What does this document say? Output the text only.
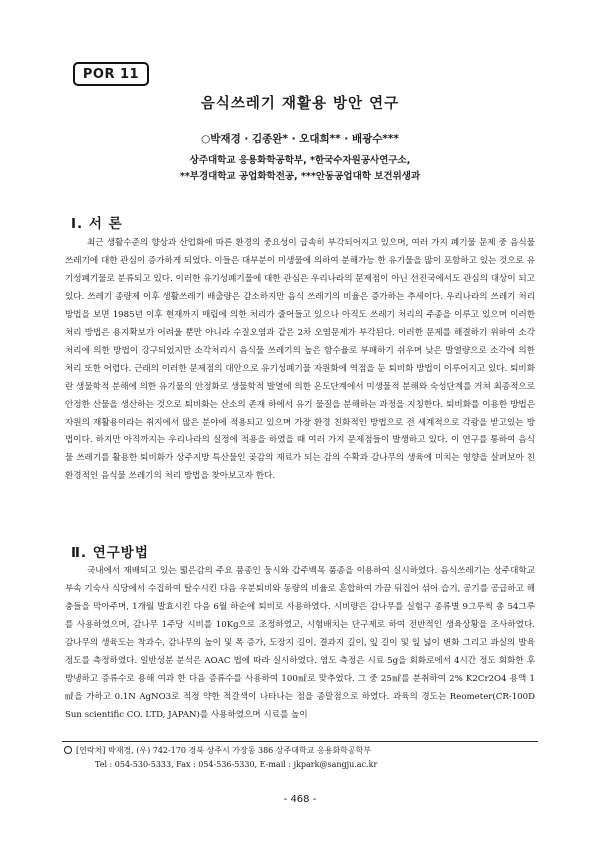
POR 11
음식쓰레기 재활용 방안 연구
○박재경 · 김종완* · 오대희** · 배광수***
상주대학교 응용화학공학부, *한국수자원공사연구소,
**부경대학교 공업화학전공, ***안동공업대학 보건위생과
Ⅰ. 서 론
최근 생활수준의 향상과 산업화에 따른 환경의 중요성이 급속히 부각되어지고 있으며, 여러 가지 폐기물 문제 중 음식물쓰레기에 대한 관심이 증가하게 되었다. 이들은 대부분이 미생물에 의하여 분해가능 한 유기물을 많이 포함하고 있는 것으로 유기성폐기물로 분류되고 있다. 이러한 유기성폐기물에 대한 관심은 우리나라의 문제점이 아닌 선진국에서도 관심의 대상이 되고 있다. 쓰레기 종량제 이후 생활쓰레기 배출량은 감소하지만 음식 쓰레기의 비율은 증가하는 추세이다. 우리나라의 쓰레기 처리 방법을 보면 1985년 이후 현재까지 매립에 의한 처리가 줄어들고 있으나 아직도 쓰레기 처리의 주종을 이루고 있으며 이러한 처리 방법은 용지확보가 어려울 뿐만 아니라 수질오염과 같은 2차 오염문제가 부각된다. 이러한 문제를 해결하기 위하여 소각처리에 의한 방법이 강구되었지만 소각처리시 음식물 쓰레기의 높은 함수율로 부패하기 쉬우며 낮은 발열량으로 소각에 의한 처리 또한 어렵다. 근래의 이러한 문제점의 대안으로 유기성폐기물 자원화에 역점을 둔 퇴비화 방법이 이루어지고 있다. 퇴비화란 생물학적 분해에 의한 유기물의 안정화로 생물학적 발열에 의한 온도단계에서 미생물적 분해와 숙성단계를 거쳐 최종적으로 안정한 산물을 생산하는 것으로 퇴비화는 산소의 존재 하에서 유기 물질을 분해하는 과정을 지칭한다. 퇴비화를 이용한 방법은 자원의 재활용이라는 취지에서 많은 분야에 적용되고 있으며 가장 환경 친화적인 방법으로 전 세계적으로 각광을 받고있는 방법이다. 하지만 아직까지는 우리나라의 실정에 적용을 하였을 때 여러 가지 문제점들이 발생하고 있다. 이 연구를 통하여 음식물 쓰레기를 활용한 퇴비화가 상주지방 특산물인 곶감의 재료가 되는 감의 수확과 감나무의 생육에 미치는 영향을 살펴보아 친환경적인 음식물 쓰레기의 처리 방법을 찾아보고자 한다.
Ⅱ. 연구방법
국내에서 재배되고 있는 떫은감의 주요 품종인 둥시와 갑주백목 품종을 이용하여 실시하였다. 음식쓰레기는 상주대학교 부속 기숙사 식당에서 수집하여 탈수시킨 다음 우분퇴비와 동량의 비율로 혼합하여 가끔 뒤집어 섞어 습기, 공기를 공급하고 해충들을 막아주며, 1개월 발효시킨 다음 6월 하순에 퇴비로 사용하였다. 시비량은 감나무를 실험구 종류별 9그루씩 총 54그루를 사용하였으며, 감나무 1주당 시비를 10Kg으로 조정하였고, 시험배치는 단구제로 하여 전반적인 생육상황을 조사하였다. 감나무의 생육도는 착과수, 감나무의 높이 및 폭 증가, 도장지 길이, 결과지 길이, 잎 길이 및 잎 넓이 변화 그리고 과실의 발육정도를 측정하였다. 일반성분 분석은 AOAC 법에 따라 실시하였다. 염도 측정은 시료 5g을 회화로에서 4시간 정도 회화한 후 방냉하고 증류수로 용해 여과 한 다음 증류수를 사용하여 100㎖로 맞추었다. 그 중 25㎖를 분취하여 2% K2Cr2O4 용액 1 ㎖을 가하고 0.1N AgNO3로 적정 약한 적갈색이 나타나는 점을 종말점으로 하였다. 과육의 경도는 Reometer(CR-100D Sun scientific CO. LTD, JAPAN)를 사용하였으며 시료를 높이
[연락처] 박재경, (우) 742-170 경북 상주시 가장동 386 상주대학교 응용화학공학부
Tel : 054-530-5333, Fax : 054-536-5330, E-mail : jkpark@sangju.ac.kr
- 468 -
